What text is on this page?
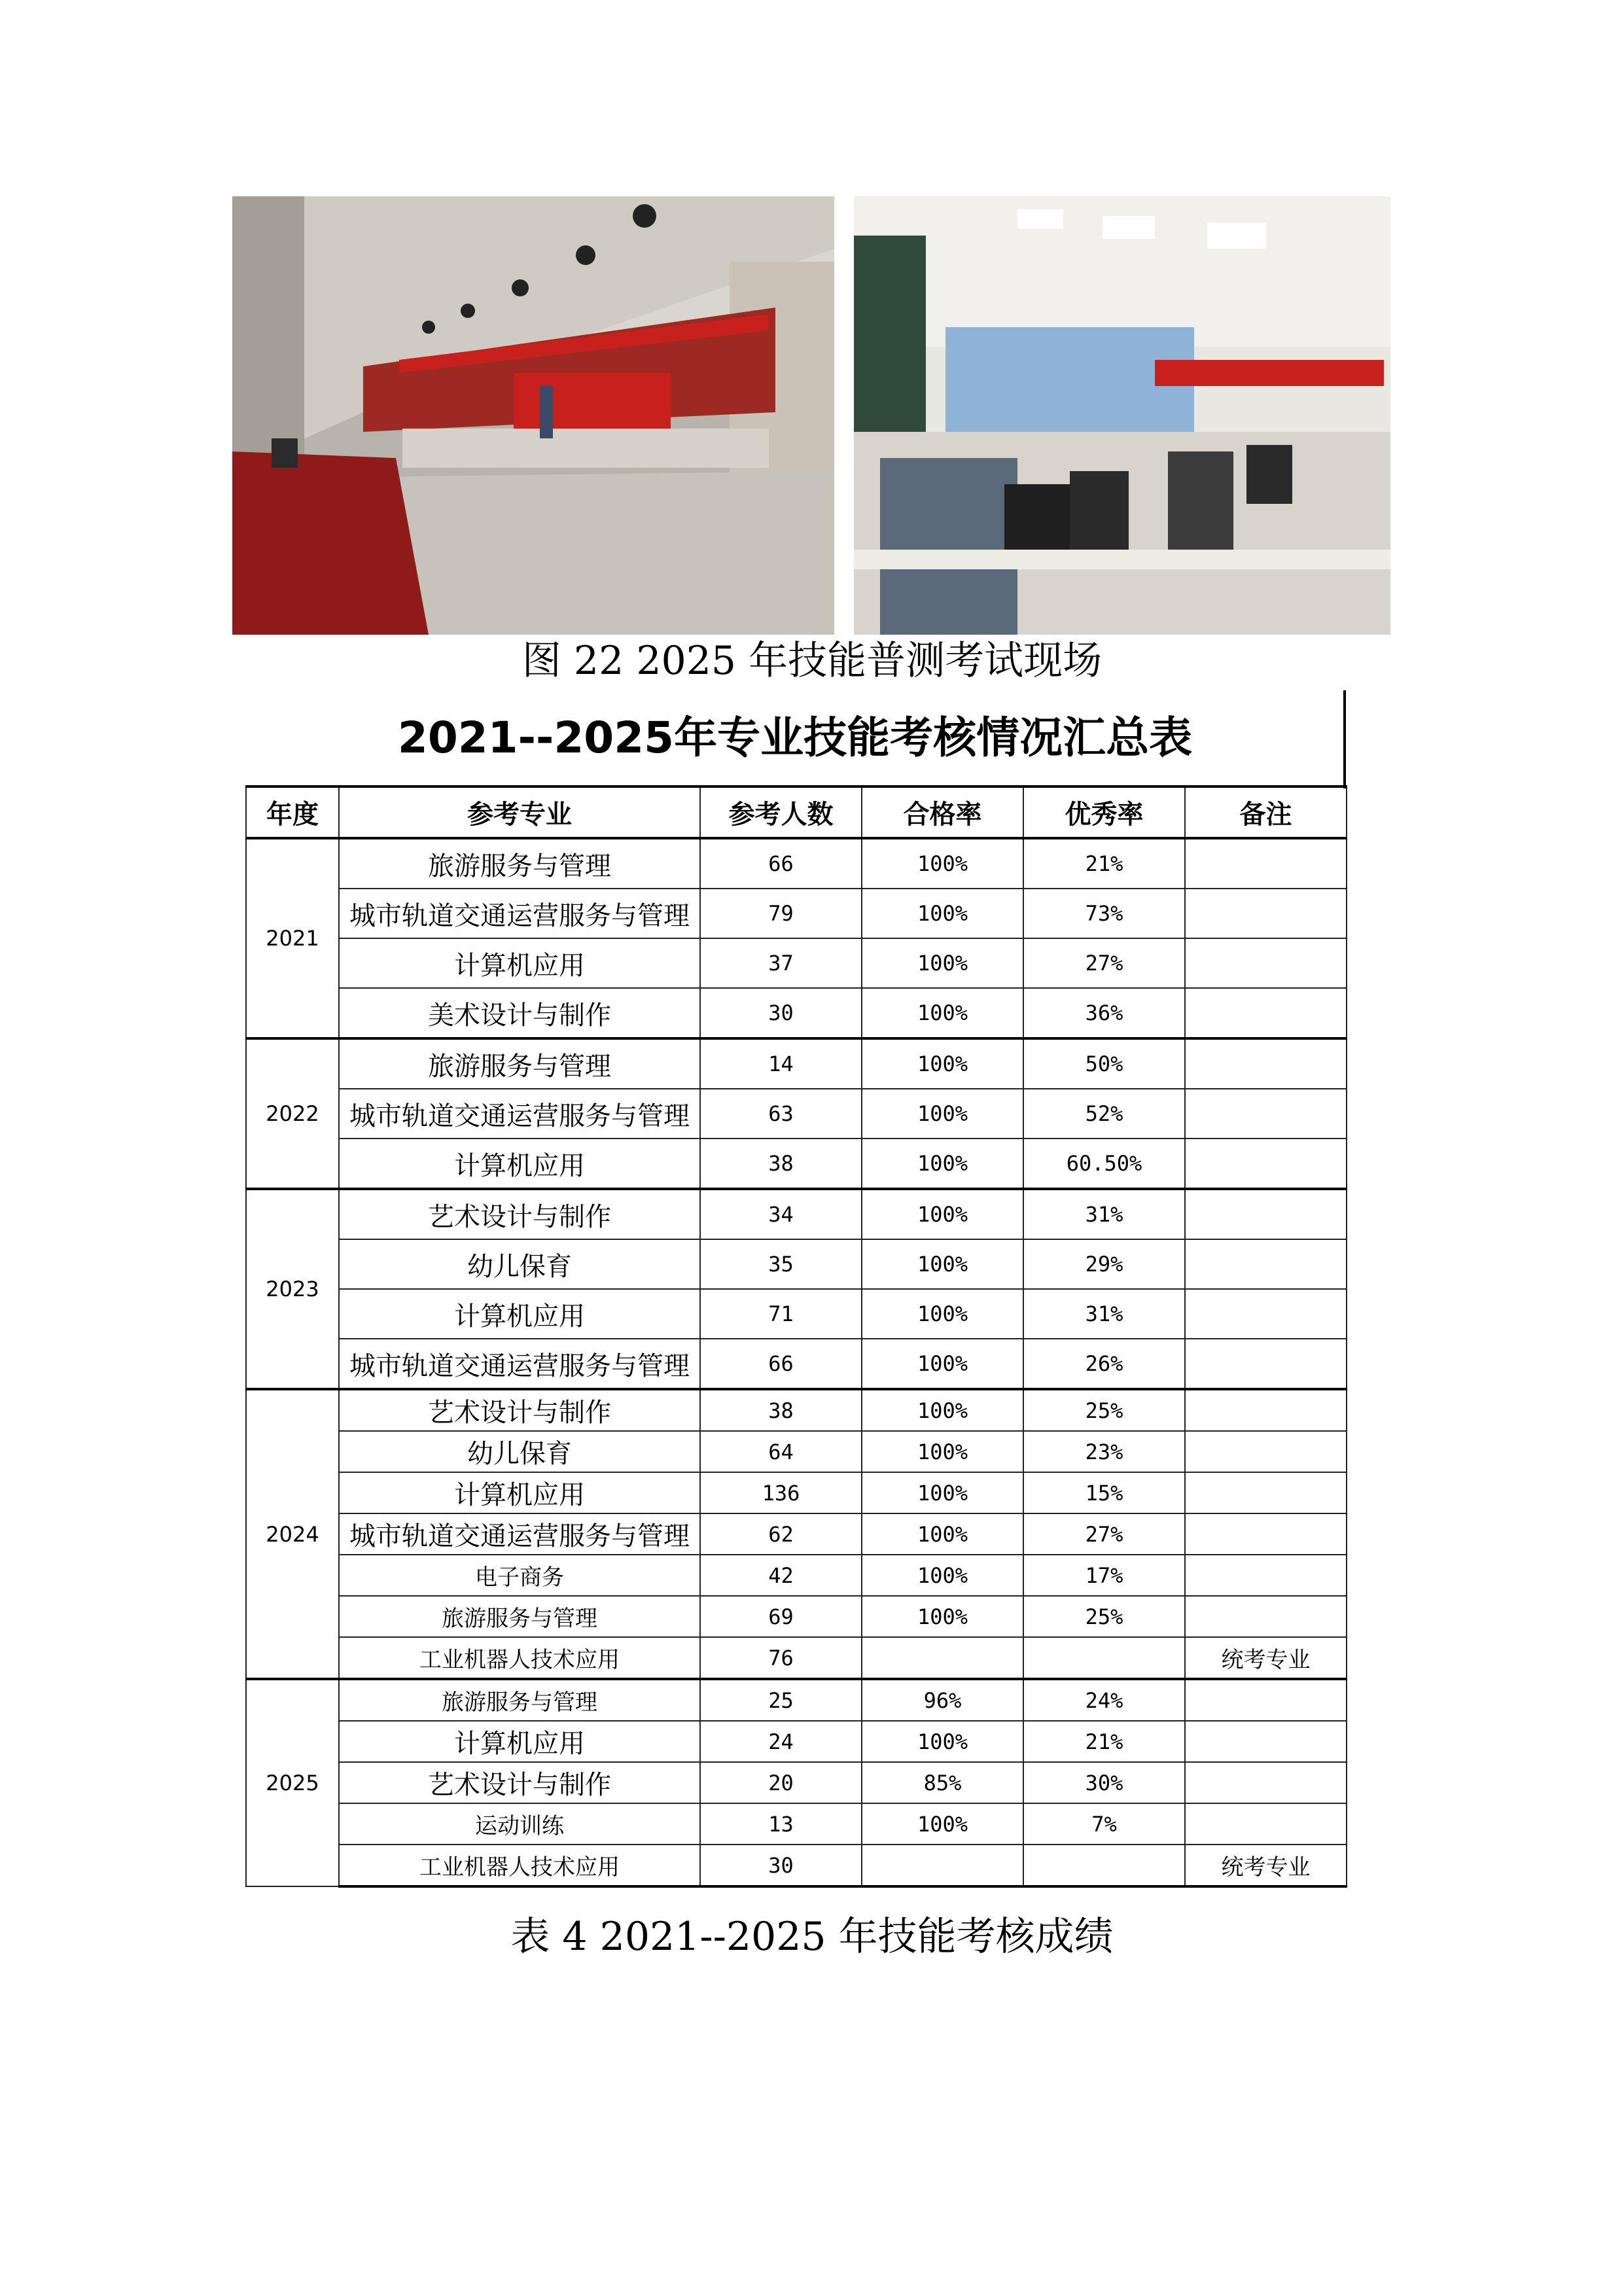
图 22 2025 年技能普测考试现场
2021--2025年专业技能考核情况汇总表
年度	参考专业	参考人数	合格率	优秀率	备注
2021	旅游服务与管理	66	100%	21%	
	城市轨道交通运营服务与管理	79	100%	73%	
	计算机应用	37	100%	27%	
	美术设计与制作	30	100%	36%	
2022	旅游服务与管理	14	100%	50%	
	城市轨道交通运营服务与管理	63	100%	52%	
	计算机应用	38	100%	60.50%	
2023	艺术设计与制作	34	100%	31%	
	幼儿保育	35	100%	29%	
	计算机应用	71	100%	31%	
	城市轨道交通运营服务与管理	66	100%	26%	
2024	艺术设计与制作	38	100%	25%	
	幼儿保育	64	100%	23%	
	计算机应用	136	100%	15%	
	城市轨道交通运营服务与管理	62	100%	27%	
	电子商务	42	100%	17%	
	旅游服务与管理	69	100%	25%	
	工业机器人技术应用	76			统考专业
2025	旅游服务与管理	25	96%	24%	
	计算机应用	24	100%	21%	
	艺术设计与制作	20	85%	30%	
	运动训练	13	100%	7%	
	工业机器人技术应用	30			统考专业
表 4 2021--2025 年技能考核成绩
